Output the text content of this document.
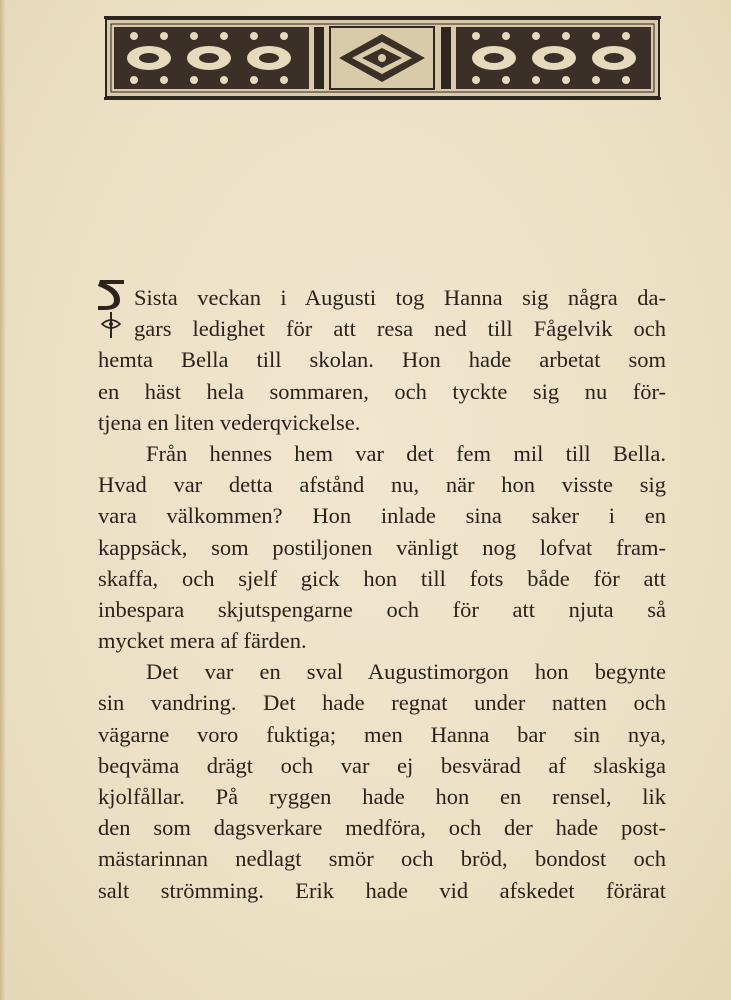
Sista veckan i Augusti tog Hanna sig några da-
gars ledighet för att resa ned till Fågelvik och
hemta Bella till skolan. Hon hade arbetat som
en häst hela sommaren, och tyckte sig nu för-
tjena en liten vederqvickelse.
Från hennes hem var det fem mil till Bella.
Hvad var detta afstånd nu, när hon visste sig
vara välkommen? Hon inlade sina saker i en
kappsäck, som postiljonen vänligt nog lofvat fram-
skaffa, och sjelf gick hon till fots både för att
inbespara skjutspengarne och för att njuta så
mycket mera af färden.
Det var en sval Augustimorgon hon begynte
sin vandring. Det hade regnat under natten och
vägarne voro fuktiga; men Hanna bar sin nya,
beqväma drägt och var ej besvärad af slaskiga
kjolfållar. På ryggen hade hon en rensel, lik
den som dagsverkare medföra, och der hade post-
mästarinnan nedlagt smör och bröd, bondost och
salt strömming. Erik hade vid afskedet förärat
